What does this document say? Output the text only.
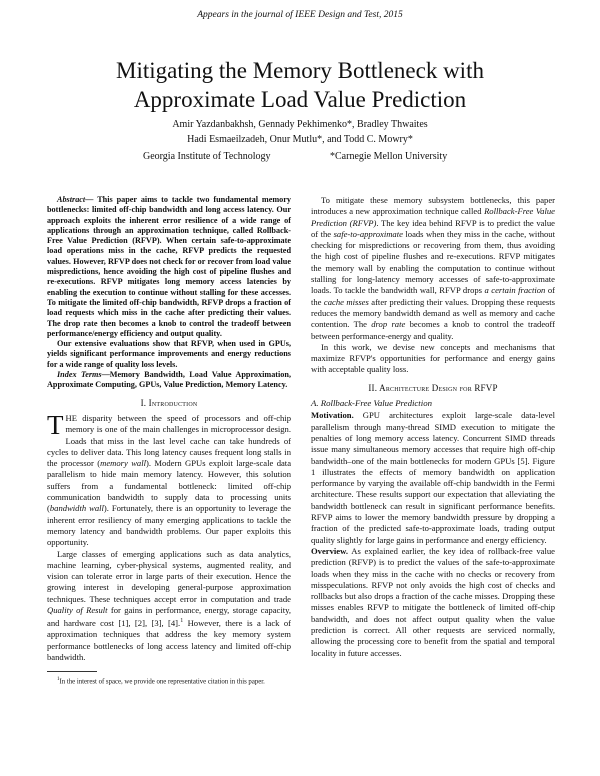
Appears in the journal of IEEE Design and Test, 2015
Mitigating the Memory Bottleneck with
Approximate Load Value Prediction
Amir Yazdanbakhsh, Gennady Pekhimenko*, Bradley Thwaites
Hadi Esmaeilzadeh, Onur Mutlu*, and Todd C. Mowry*
Georgia Institute of Technology	*Carnegie Mellon University

Abstract— This paper aims to tackle two fundamental memory bottlenecks: limited off-chip bandwidth and long access latency. Our approach exploits the inherent error resilience of a wide range of applications through an approximation technique, called Rollback-Free Value Prediction (RFVP). When certain safe-to-approximate load operations miss in the cache, RFVP predicts the requested values. However, RFVP does not check for or recover from load value mispredictions, hence avoiding the high cost of pipeline flushes and re-executions. RFVP mitigates long memory access latencies by enabling the execution to continue without stalling for these accesses. To mitigate the limited off-chip bandwidth, RFVP drops a fraction of load requests which miss in the cache after predicting their values. The drop rate then becomes a knob to control the tradeoff between performance/energy efficiency and output quality.

Our extensive evaluations show that RFVP, when used in GPUs, yields significant performance improvements and energy reductions for a wide range of quality loss levels.

Index Terms—Memory Bandwidth, Load Value Approximation, Approximate Computing, GPUs, Value Prediction, Memory Latency.

I. Introduction

THE disparity between the speed of processors and off-chip memory is one of the main challenges in microprocessor design. Loads that miss in the last level cache can take hundreds of cycles to deliver data. This long latency causes frequent long stalls in the processor (memory wall). Modern GPUs exploit large-scale data parallelism to hide main memory latency. However, this solution suffers from a fundamental bottleneck: limited off-chip communication bandwidth to supply data to processing units (bandwidth wall). Fortunately, there is an opportunity to leverage the inherent error resiliency of many emerging applications to tackle the memory latency and bandwidth problems. Our paper exploits this opportunity.

Large classes of emerging applications such as data analytics, machine learning, cyber-physical systems, augmented reality, and vision can tolerate error in large parts of their execution. Hence the growing interest in developing general-purpose approximation techniques. These techniques accept error in computation and trade Quality of Result for gains in performance, energy, storage capacity, and hardware cost [1], [2], [3], [4].$^1$ However, there is a lack of approximation techniques that address the key memory system performance bottlenecks of long access latency and limited off-chip bandwidth.

$^1$In the interest of space, we provide one representative citation in this paper.

To mitigate these memory subsystem bottlenecks, this paper introduces a new approximation technique called Rollback-Free Value Prediction (RFVP). The key idea behind RFVP is to predict the value of the safe-to-approximate loads when they miss in the cache, without checking for mispredictions or recovering from them, thus avoiding the high cost of pipeline flushes and re-executions. RFVP mitigates the memory wall by enabling the computation to continue without stalling for long-latency memory accesses of safe-to-approximate loads. To tackle the bandwidth wall, RFVP drops a certain fraction of the cache misses after predicting their values. Dropping these requests reduces the memory bandwidth demand as well as memory and cache contention. The drop rate becomes a knob to control the tradeoff between performance-energy and quality.

In this work, we devise new concepts and mechanisms that maximize RFVP's opportunities for performance and energy gains with acceptable quality loss.

II. Architecture Design for RFVP
A. Rollback-Free Value Prediction

Motivation. GPU architectures exploit large-scale data-level parallelism through many-thread SIMD execution to mitigate the penalties of long memory access latency. Concurrent SIMD threads issue many simultaneous memory accesses that require high off-chip bandwidth–one of the main bottlenecks for modern GPUs [5]. Figure 1 illustrates the effects of memory bandwidth on application performance by varying the available off-chip bandwidth in the Fermi architecture. These results support our expectation that alleviating the bandwidth bottleneck can result in significant performance benefits. RFVP aims to lower the memory bandwidth pressure by dropping a fraction of the predicted safe-to-approximate loads, trading output quality slightly for large gains in performance and energy efficiency.

Overview. As explained earlier, the key idea of rollback-free value prediction (RFVP) is to predict the values of the safe-to-approximate loads when they miss in the cache with no checks or recovery from misspeculations. RFVP not only avoids the high cost of checks and rollbacks but also drops a fraction of the cache misses. Dropping these misses enables RFVP to mitigate the bottleneck of limited off-chip bandwidth, and does not affect output quality when the value prediction is correct. All other requests are serviced normally, allowing the processing core to benefit from the spatial and temporal locality in future accesses.
